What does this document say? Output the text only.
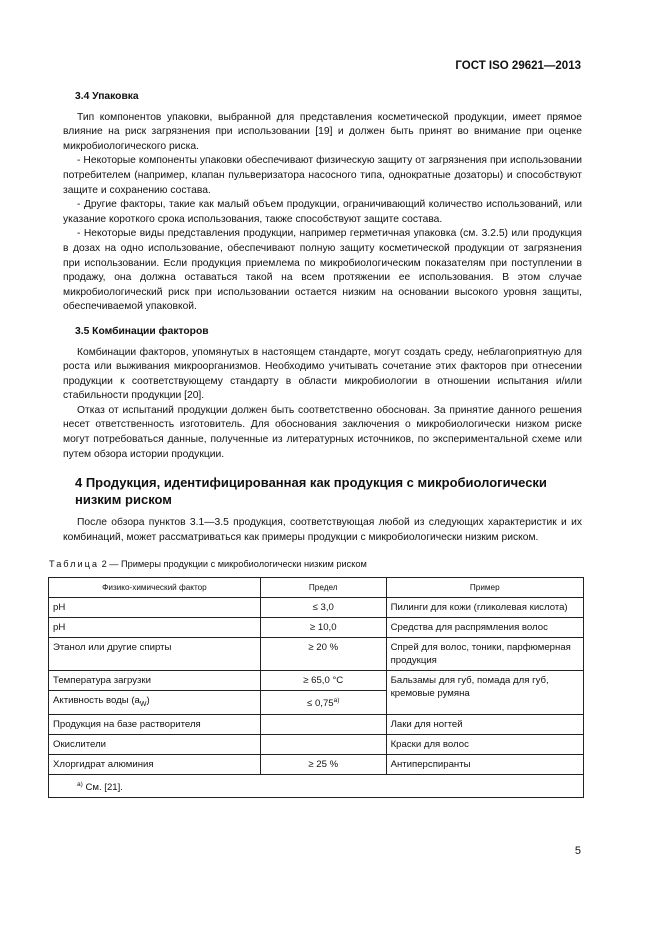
ГОСТ ISO 29621—2013
3.4 Упаковка

Тип компонентов упаковки, выбранной для представления косметической продукции, имеет прямое влияние на риск загрязнения при использовании [19] и должен быть принят во внимание при оценке микробиологического риска.

- Некоторые компоненты упаковки обеспечивают физическую защиту от загрязнения при использовании потребителем (например, клапан пульверизатора насосного типа, однократные дозаторы) и способствуют защите и сохранению состава.

- Другие факторы, такие как малый объем продукции, ограничивающий количество использований, или указание короткого срока использования, также способствуют защите состава.

- Некоторые виды представления продукции, например герметичная упаковка (см. 3.2.5) или продукция в дозах на одно использование, обеспечивают полную защиту косметической продукции от загрязнения при использовании. Если продукция приемлема по микробиологическим показателям при поступлении в продажу, она должна оставаться такой на всем протяжении ее использования. В этом случае микробиологический риск при использовании остается низким на основании высокого уровня защиты, обеспечиваемой упаковкой.

3.5 Комбинации факторов

Комбинации факторов, упомянутых в настоящем стандарте, могут создать среду, неблагоприятную для роста или выживания микроорганизмов. Необходимо учитывать сочетание этих факторов при отнесении продукции к соответствующему стандарту в области микробиологии в отношении испытания и/или стабильности продукции [20].

Отказ от испытаний продукции должен быть соответственно обоснован. За принятие данного решения несет ответственность изготовитель. Для обоснования заключения о микробиологически низком риске могут потребоваться данные, полученные из литературных источников, по экспериментальной схеме или путем обзора истории продукции.

4 Продукция, идентифицированная как продукция с микробиологически низким риском

После обзора пунктов 3.1—3.5 продукция, соответствующая любой из следующих характеристик и их комбинаций, может рассматриваться как примеры продукции с микробиологически низким риском.

Таблица 2 — Примеры продукции с микробиологически низким риском
Физико-химический фактор	Предел	Пример
pH	≤ 3,0	Пилинги для кожи (гликолевая кислота)
pH	≥ 10,0	Средства для распрямления волос
Этанол или другие спирты	≥ 20 %	Спрей для волос, тоники, парфюмерная продукция
Температура загрузки	≥ 65,0 °С	Бальзамы для губ, помада для губ, кремовые румяна
Активность воды $(a_W)$	≤ $0,75^{а)}$
Продукция на базе растворителя		Лаки для ногтей
Окислители		Краски для волос
Хлоргидрат алюминия	≥ 25 %	Антиперспиранты
$^{а)}$ См. [21].		
5
